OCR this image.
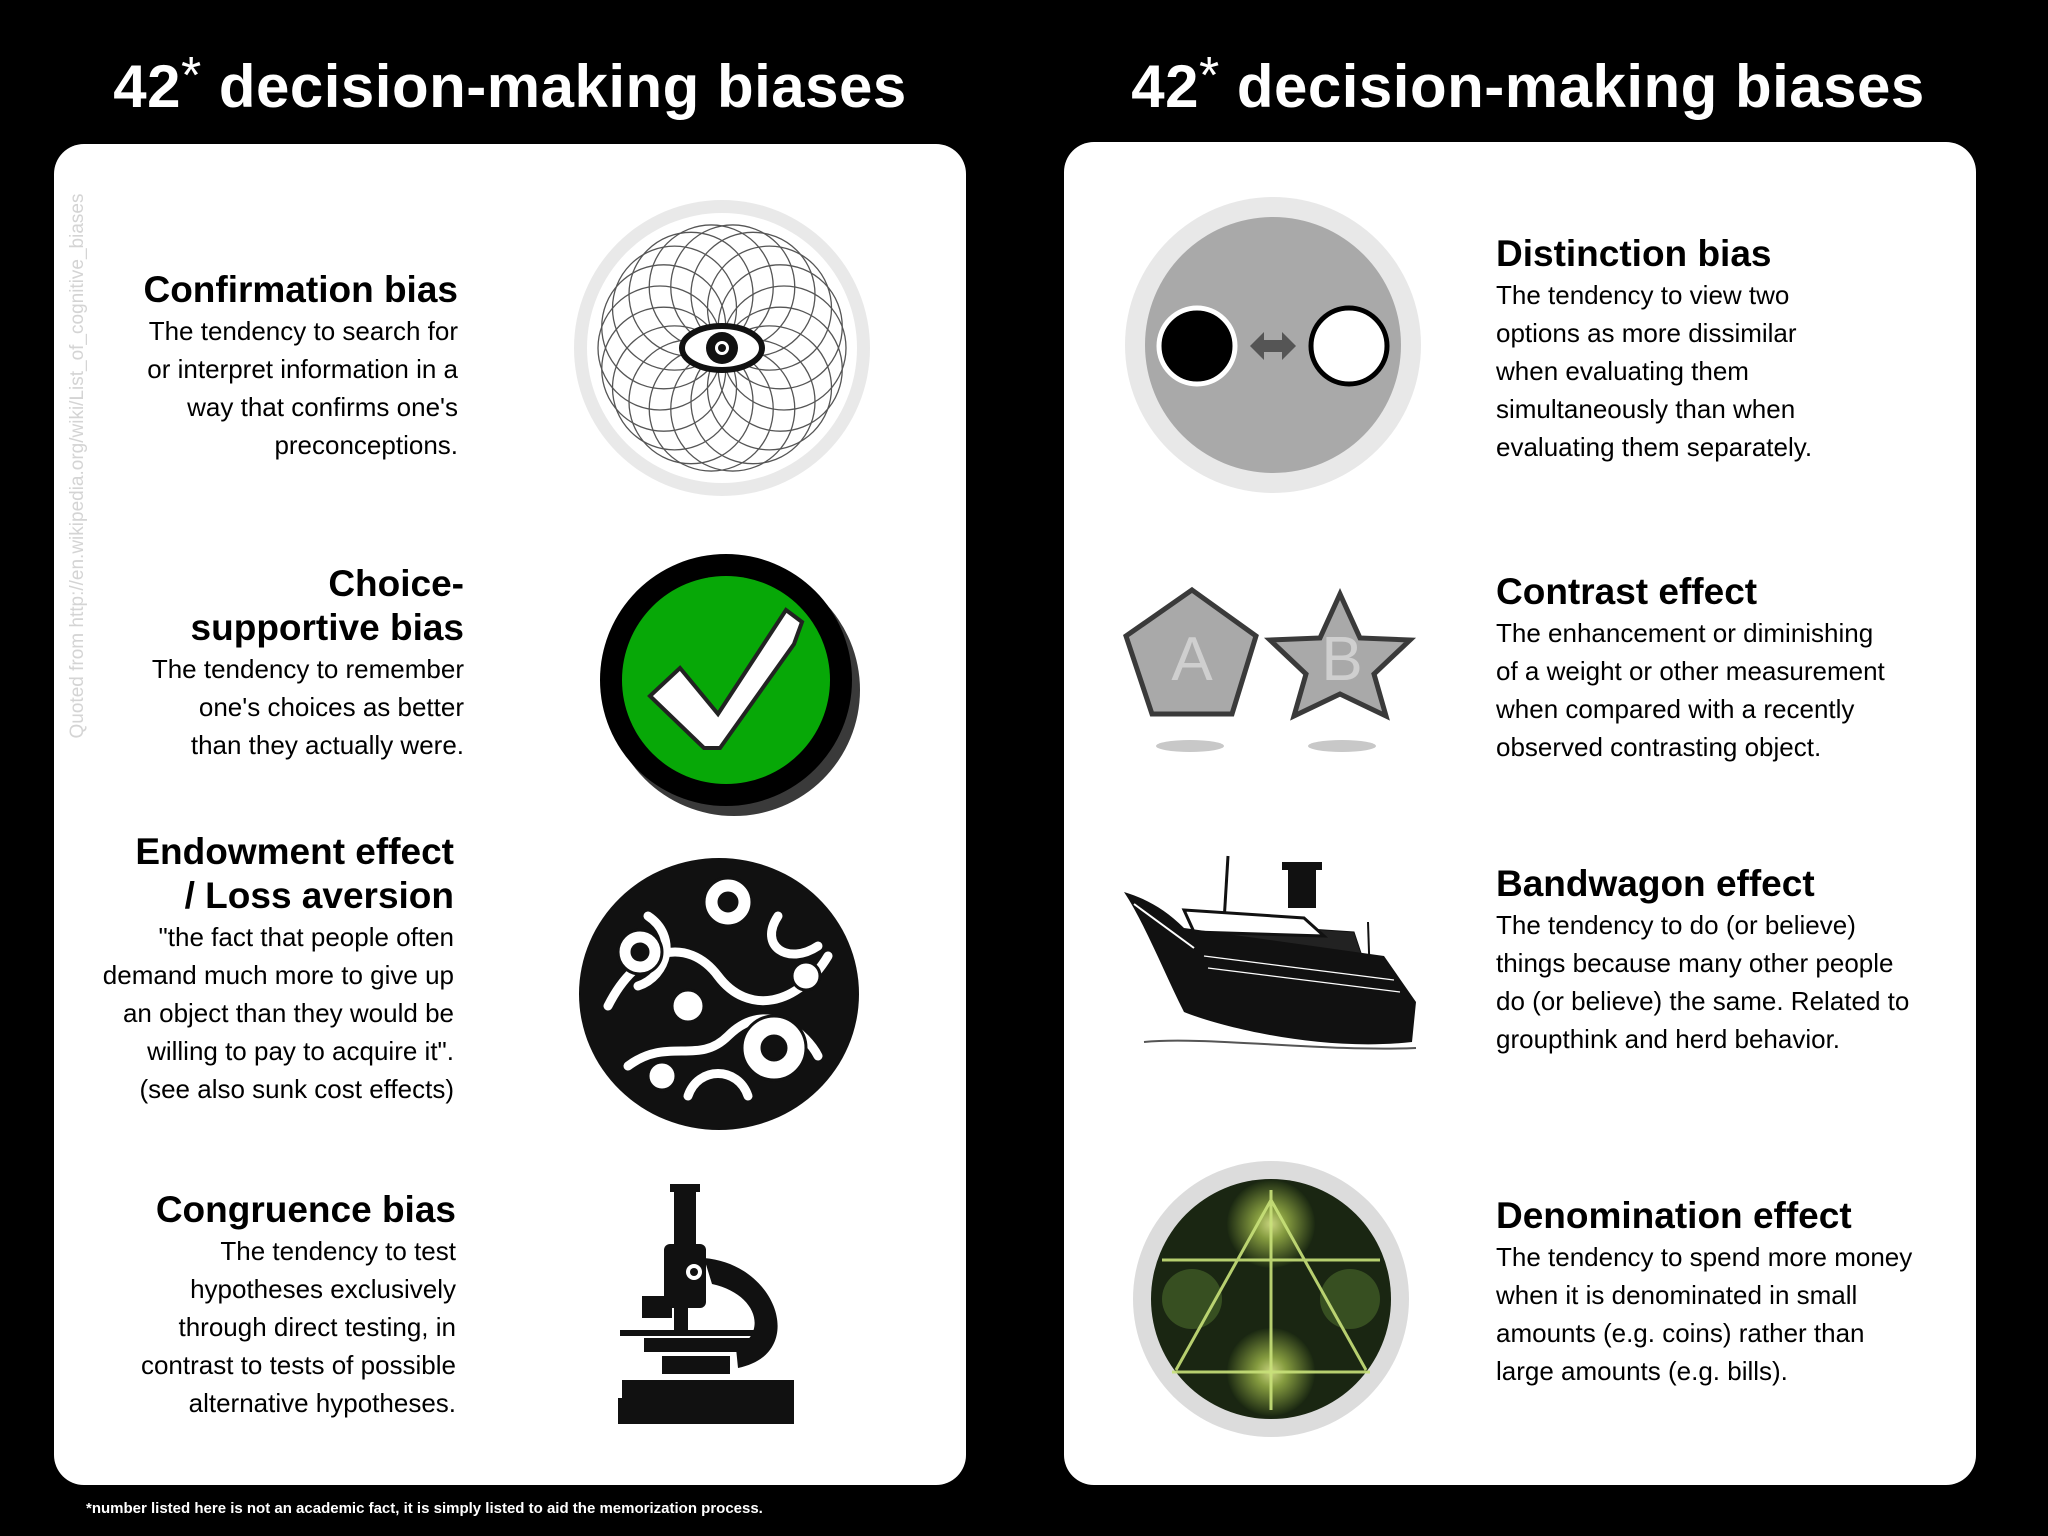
42* decision-making biases	42* decision-making biases
Quoted from http://en.wikipedia.org/wiki/List_of_cognitive_biases	Confirmation bias
The tendency to search for
or interpret information in a
way that confirms one's
preconceptions.
Choice-
supportive bias
The tendency to remember
one's choices as better
than they actually were.
Endowment effect
/ Loss aversion
"the fact that people often
demand much more to give up
an object than they would be
willing to pay to acquire it".
(see also sunk cost effects)
Congruence bias
The tendency to test
hypotheses exclusively
through direct testing, in
contrast to tests of possible
alternative hypotheses.
Distinction bias
The tendency to view two
options as more dissimilar
when evaluating them
simultaneously than when
evaluating them separately.
Contrast effect
The enhancement or diminishing
of a weight or other measurement
when compared with a recently
observed contrasting object.
A B
Bandwagon effect
The tendency to do (or believe)
things because many other people
do (or believe) the same. Related to
groupthink and herd behavior.
Denomination effect
The tendency to spend more money
when it is denominated in small
amounts (e.g. coins) rather than
large amounts (e.g. bills).
*number listed here is not an academic fact, it is simply listed to aid the memorization process.
